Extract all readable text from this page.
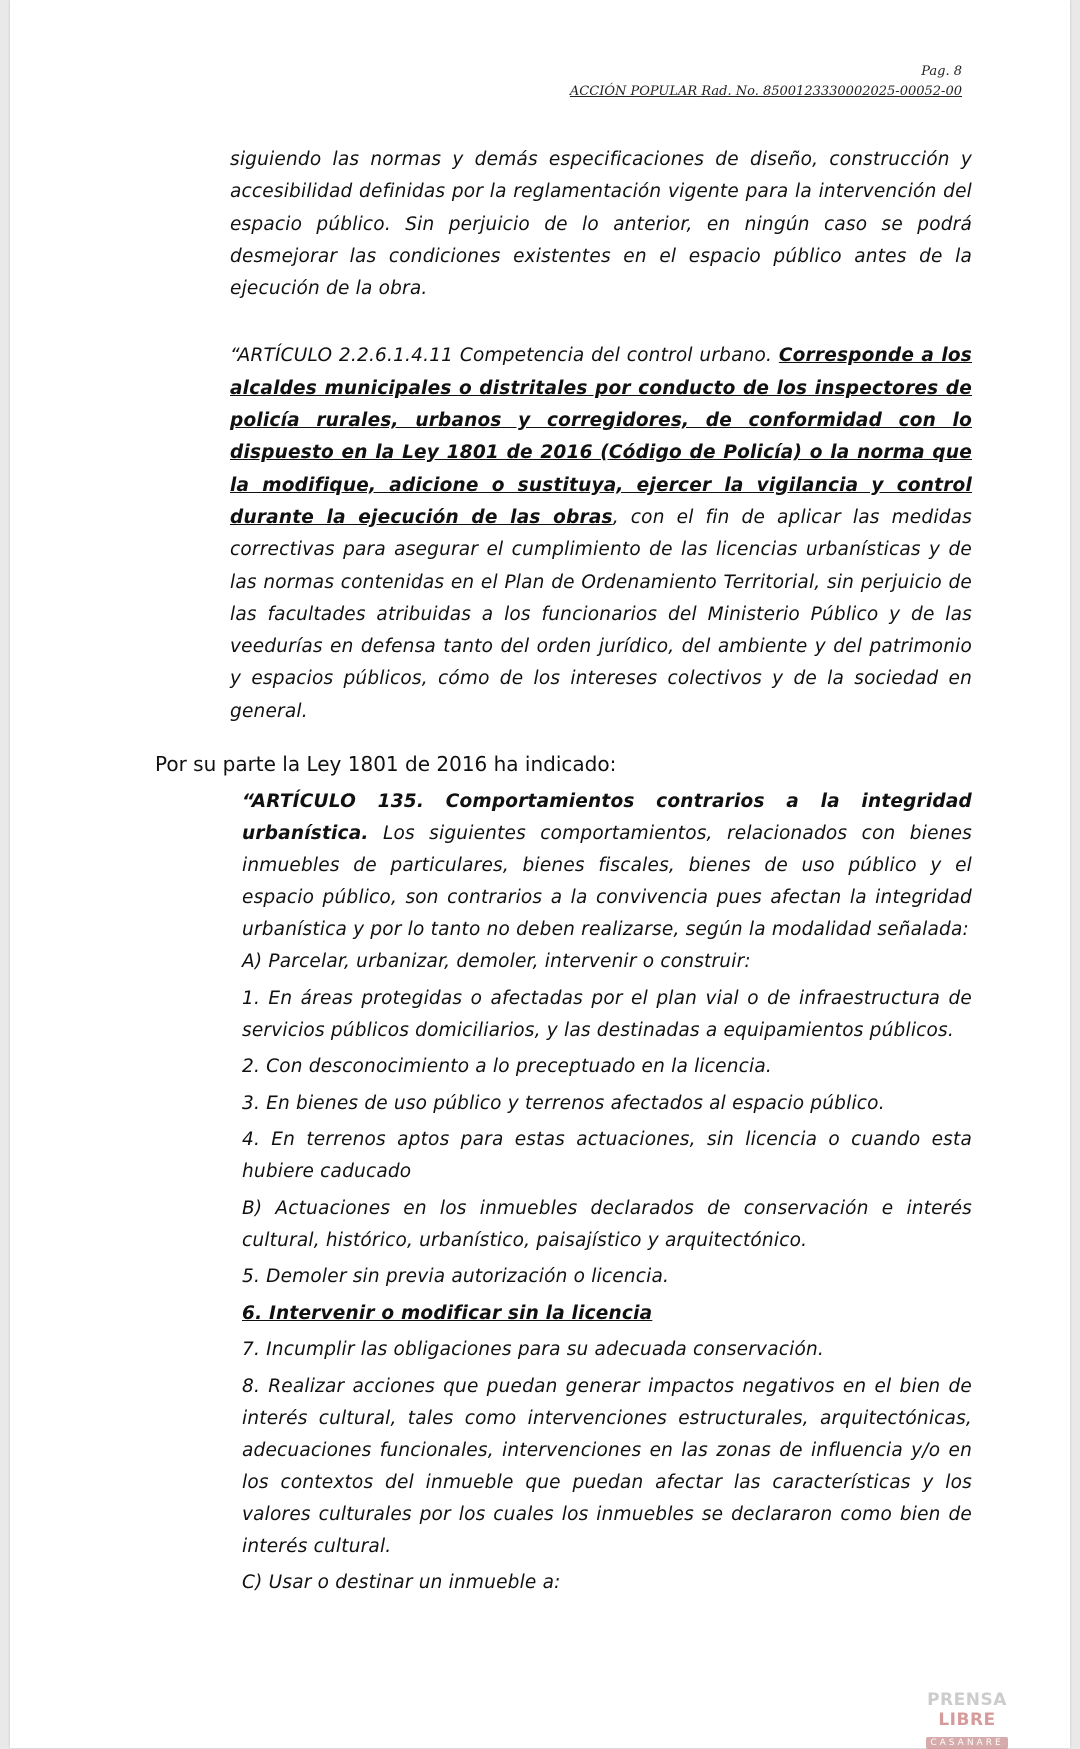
Pag. 8
ACCIÓN POPULAR Rad. No. 8500123330002025-00052-00

siguiendo las normas y demás especificaciones de diseño, construcción y accesibilidad definidas por la reglamentación vigente para la intervención del espacio público. Sin perjuicio de lo anterior, en ningún caso se podrá desmejorar las condiciones existentes en el espacio público antes de la ejecución de la obra.

“ARTÍCULO 2.2.6.1.4.11 Competencia del control urbano. Corresponde a los alcaldes municipales o distritales por conducto de los inspectores de policía rurales, urbanos y corregidores, de conformidad con lo dispuesto en la Ley 1801 de 2016 (Código de Policía) o la norma que la modifique, adicione o sustituya, ejercer la vigilancia y control durante la ejecución de las obras, con el fin de aplicar las medidas correctivas para asegurar el cumplimiento de las licencias urbanísticas y de las normas contenidas en el Plan de Ordenamiento Territorial, sin perjuicio de las facultades atribuidas a los funcionarios del Ministerio Público y de las veedurías en defensa tanto del orden jurídico, del ambiente y del patrimonio y espacios públicos, cómo de los intereses colectivos y de la sociedad en general.

Por su parte la Ley 1801 de 2016 ha indicado:

“ARTÍCULO 135. Comportamientos contrarios a la integridad urbanística. Los siguientes comportamientos, relacionados con bienes inmuebles de particulares, bienes fiscales, bienes de uso público y el espacio público, son contrarios a la convivencia pues afectan la integridad urbanística y por lo tanto no deben realizarse, según la modalidad señalada:

A) Parcelar, urbanizar, demoler, intervenir o construir:

1. En áreas protegidas o afectadas por el plan vial o de infraestructura de servicios públicos domiciliarios, y las destinadas a equipamientos públicos.

2. Con desconocimiento a lo preceptuado en la licencia.

3. En bienes de uso público y terrenos afectados al espacio público.

4. En terrenos aptos para estas actuaciones, sin licencia o cuando esta hubiere caducado

B) Actuaciones en los inmuebles declarados de conservación e interés cultural, histórico, urbanístico, paisajístico y arquitectónico.

5. Demoler sin previa autorización o licencia.

6. Intervenir o modificar sin la licencia

7. Incumplir las obligaciones para su adecuada conservación.

8. Realizar acciones que puedan generar impactos negativos en el bien de interés cultural, tales como intervenciones estructurales, arquitectónicas, adecuaciones funcionales, intervenciones en las zonas de influencia y/o en los contextos del inmueble que puedan afectar las características y los valores culturales por los cuales los inmuebles se declararon como bien de interés cultural.

C) Usar o destinar un inmueble a:

PRENSA LIBRE
CASANARE
